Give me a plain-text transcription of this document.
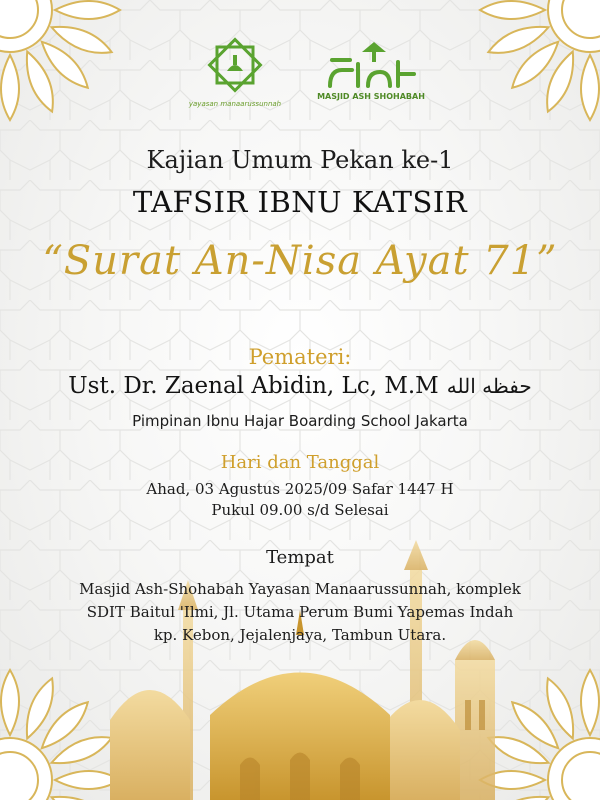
yayasan manaarussunnah
MASJID ASH SHOHABAH

Kajian Umum Pekan ke-1

TAFSIR IBNU KATSIR

“Surat An-Nisa Ayat 71”

Pemateri:

Ust. Dr. Zaenal Abidin, Lc, M.M حفظه الله

Pimpinan Ibnu Hajar Boarding School Jakarta

Hari dan Tanggal

Ahad, 03 Agustus 2025/09 Safar 1447 H

Pukul 09.00 s/d Selesai

Tempat

Masjid Ash-Shohabah Yayasan Manaarussunnah, komplek

SDIT Baitul 'Ilmi, Jl. Utama Perum Bumi Yapemas Indah

kp. Kebon, Jejalenjaya, Tambun Utara.
